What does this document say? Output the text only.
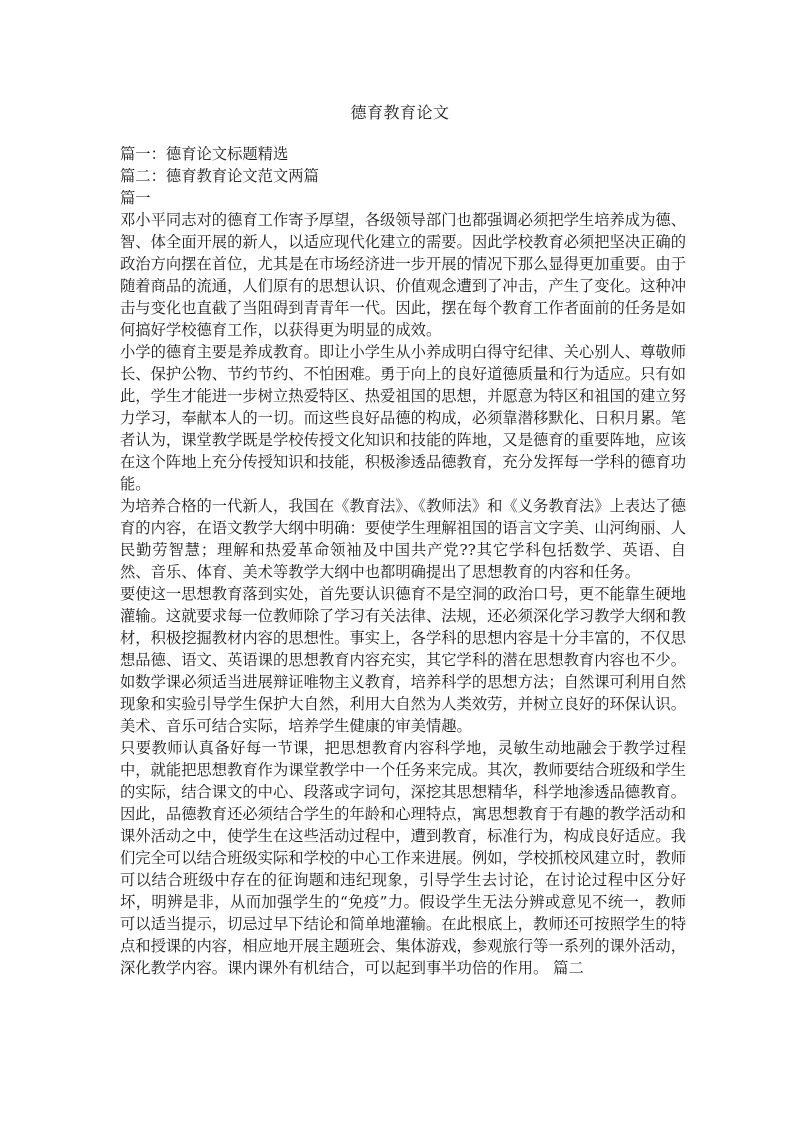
德育教育论文
篇一：德育论文标题精选
篇二：德育教育论文范文两篇
篇一

邓小平同志对的德育工作寄予厚望，各级领导部门也都强调必须把学生培养成为德、智、体全面开展的新人，以适应现代化建立的需要。因此学校教育必须把坚决正确的政治方向摆在首位，尤其是在市场经济进一步开展的情况下那么显得更加重要。由于随着商品的流通，人们原有的思想认识、价值观念遭到了冲击，产生了变化。这种冲击与变化也直截了当阻碍到青青年一代。因此，摆在每个教育工作者面前的任务是如何搞好学校德育工作，以获得更为明显的成效。

小学的德育主要是养成教育。即让小学生从小养成明白得守纪律、关心别人、尊敬师长、保护公物、节约节约、不怕困难。勇于向上的良好道德质量和行为适应。只有如此，学生才能进一步树立热爱特区、热爱祖国的思想，并愿意为特区和祖国的建立努力学习，奉献本人的一切。而这些良好品德的构成，必须靠潜移默化、日积月累。笔者认为，课堂教学既是学校传授文化知识和技能的阵地，又是德育的重要阵地，应该在这个阵地上充分传授知识和技能，积极渗透品德教育，充分发挥每一学科的德育功能。

为培养合格的一代新人，我国在《教育法》、《教师法》和《义务教育法》上表达了德育的内容，在语文教学大纲中明确：要使学生理解祖国的语言文字美、山河绚丽、人民勤劳智慧；理解和热爱革命领袖及中国共产党??其它学科包括数学、英语、自然、音乐、体育、美术等教学大纲中也都明确提出了思想教育的内容和任务。

要使这一思想教育落到实处，首先要认识德育不是空洞的政治口号，更不能靠生硬地灌输。这就要求每一位教师除了学习有关法律、法规，还必须深化学习教学大纲和教材，积极挖掘教材内容的思想性。事实上，各学科的思想内容是十分丰富的，不仅思想品德、语文、英语课的思想教育内容充实，其它学科的潜在思想教育内容也不少。如数学课必须适当进展辩证唯物主义教育，培养科学的思想方法；自然课可利用自然现象和实验引导学生保护大自然，利用大自然为人类效劳，并树立良好的环保认识。美术、音乐可结合实际，培养学生健康的审美情趣。

只要教师认真备好每一节课，把思想教育内容科学地，灵敏生动地融会于教学过程中，就能把思想教育作为课堂教学中一个任务来完成。其次，教师要结合班级和学生的实际，结合课文的中心、段落或字词句，深挖其思想精华，科学地渗透品德教育。因此，品德教育还必须结合学生的年龄和心理特点，寓思想教育于有趣的教学活动和课外活动之中，使学生在这些活动过程中，遭到教育，标准行为，构成良好适应。我们完全可以结合班级实际和学校的中心工作来进展。例如，学校抓校风建立时，教师可以结合班级中存在的征询题和违纪现象，引导学生去讨论，在讨论过程中区分好坏，明辨是非，从而加强学生的“免疫”力。假设学生无法分辨或意见不统一，教师可以适当提示，切忌过早下结论和简单地灌输。在此根底上，教师还可按照学生的特点和授课的内容，相应地开展主题班会、集体游戏，参观旅行等一系列的课外活动，深化教学内容。课内课外有机结合，可以起到事半功倍的作用。 篇二
